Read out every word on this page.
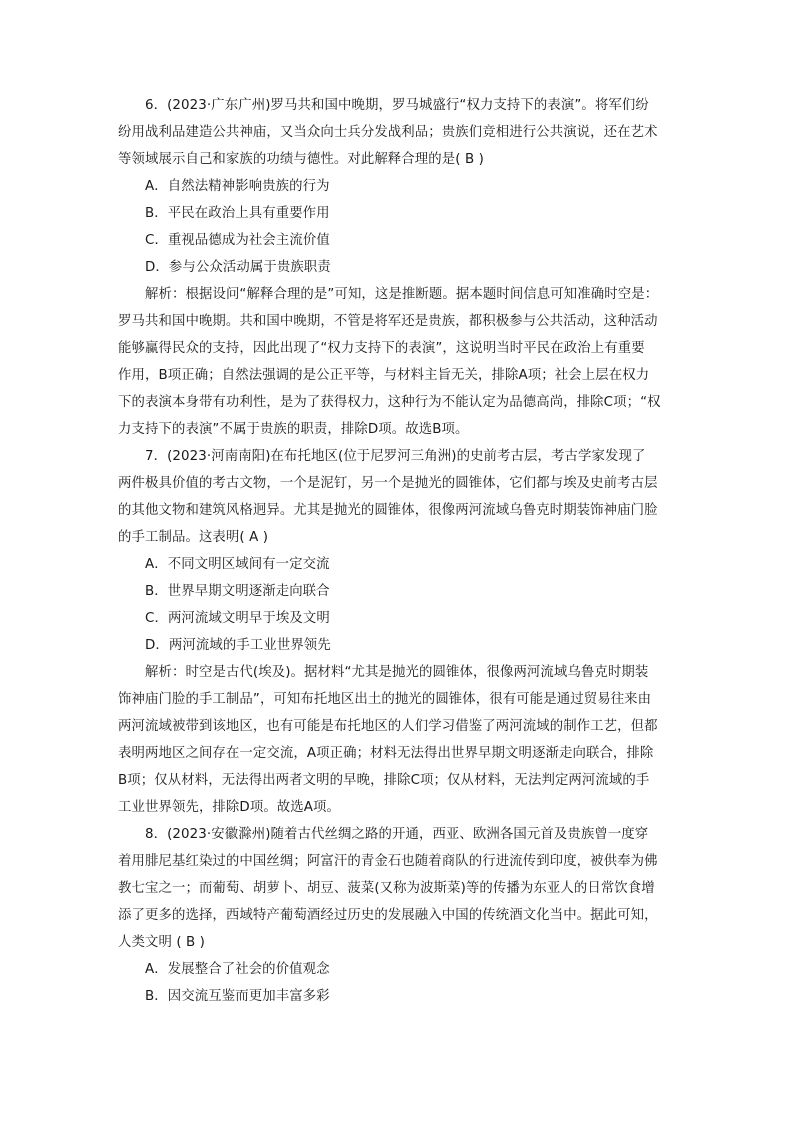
6．(2023·广东广州)罗马共和国中晚期，罗马城盛行“权力支持下的表演”。将军们纷
纷用战利品建造公共神庙，又当众向士兵分发战利品；贵族们竞相进行公共演说，还在艺术
等领域展示自己和家族的功绩与德性。对此解释合理的是( B )
A．自然法精神影响贵族的行为
B．平民在政治上具有重要作用
C．重视品德成为社会主流价值
D．参与公众活动属于贵族职责
解析：根据设问“解释合理的是”可知，这是推断题。据本题时间信息可知准确时空是：
罗马共和国中晚期。共和国中晚期，不管是将军还是贵族，都积极参与公共活动，这种活动
能够赢得民众的支持，因此出现了“权力支持下的表演”，这说明当时平民在政治上有重要
作用，B项正确；自然法强调的是公正平等，与材料主旨无关，排除A项；社会上层在权力
下的表演本身带有功利性，是为了获得权力，这种行为不能认定为品德高尚，排除C项；“权
力支持下的表演”不属于贵族的职责，排除D项。故选B项。
7．(2023·河南南阳)在布托地区(位于尼罗河三角洲)的史前考古层，考古学家发现了
两件极具价值的考古文物，一个是泥钉，另一个是抛光的圆锥体，它们都与埃及史前考古层
的其他文物和建筑风格迥异。尤其是抛光的圆锥体，很像两河流域乌鲁克时期装饰神庙门脸
的手工制品。这表明( A )
A．不同文明区域间有一定交流
B．世界早期文明逐渐走向联合
C．两河流域文明早于埃及文明
D．两河流域的手工业世界领先
解析：时空是古代(埃及)。据材料“尤其是抛光的圆锥体，很像两河流域乌鲁克时期装
饰神庙门脸的手工制品”，可知布托地区出土的抛光的圆锥体，很有可能是通过贸易往来由
两河流域被带到该地区，也有可能是布托地区的人们学习借鉴了两河流域的制作工艺，但都
表明两地区之间存在一定交流，A项正确；材料无法得出世界早期文明逐渐走向联合，排除
B项；仅从材料，无法得出两者文明的早晚，排除C项；仅从材料，无法判定两河流域的手
工业世界领先，排除D项。故选A项。
8．(2023·安徽滁州)随着古代丝绸之路的开通，西亚、欧洲各国元首及贵族曾一度穿
着用腓尼基红染过的中国丝绸；阿富汗的青金石也随着商队的行进流传到印度，被供奉为佛
教七宝之一；而葡萄、胡萝卜、胡豆、菠菜(又称为波斯菜)等的传播为东亚人的日常饮食增
添了更多的选择，西域特产葡萄酒经过历史的发展融入中国的传统酒文化当中。据此可知，
人类文明 ( B )
A．发展整合了社会的价值观念
B．因交流互鉴而更加丰富多彩
